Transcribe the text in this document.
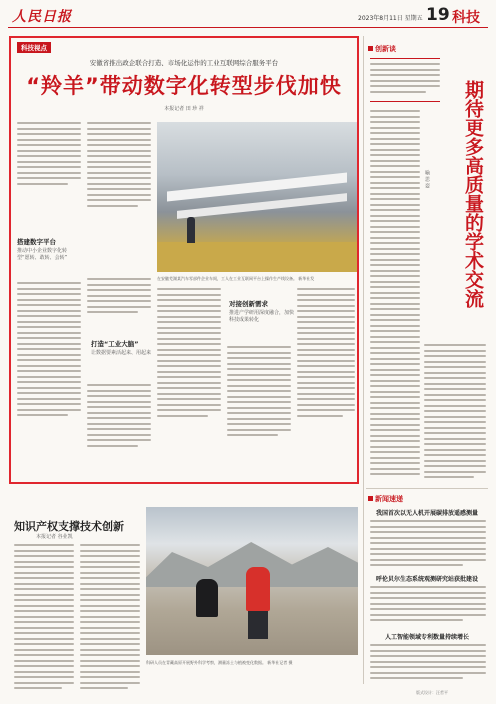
人民日报	2023年8月11日 星期五 19 科技
科技视点
安徽省推出政企联合打造、市场化运作的工业互联网综合服务平台
“羚羊”带动数字化转型步伐加快
本报记者 田 珍 祥
搭建数字平台
推动中小企业数字化转型“愿转、敢转、会转”
打造“工业大脑”
让数据要素活起来、用起来
在安徽芜湖某汽车零部件企业车间，工人在工业互联网平台上操作生产线设备。 新华社发
对接创新需求
推进产学研用深度融合，加快科技成果转化
创新谈
期待更多高质量的学术交流
喻 思 娈
新闻速递
我国首次以无人机开展碳排放遥感测量
呼伦贝尔生态系统观测研究站获批建设
人工智能领域专利数量持续增长
知识产权支撑技术创新
本报记者 谷业凯
科研人员在青藏高原开展野外科学考察，测量冻土与植被变化数据。 新华社记者 摄
版式设计：汪哲平
